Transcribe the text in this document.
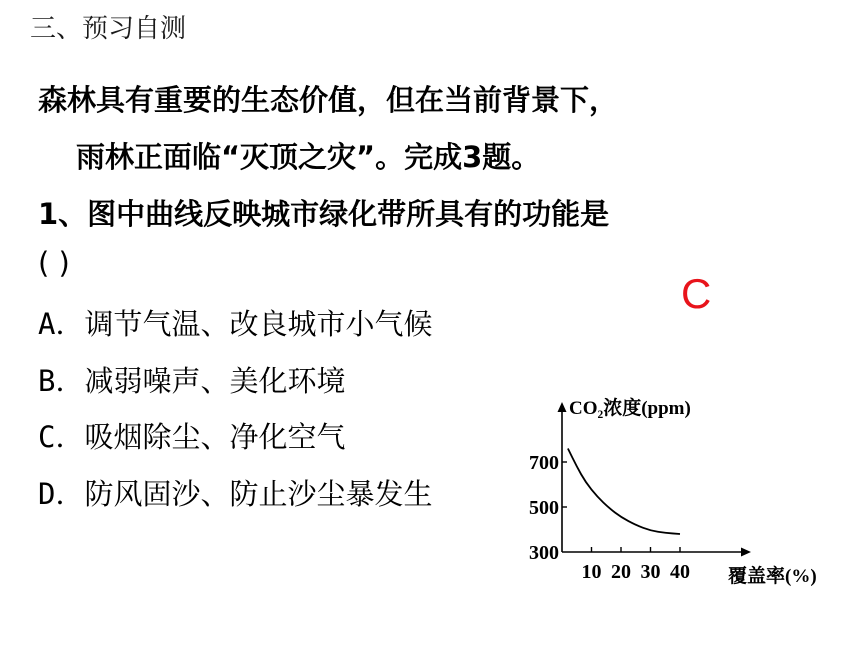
三、预习自测
森林具有重要的生态价值，但在当前背景下，
雨林正面临“灭顶之灾”。完成3题。
1、图中曲线反映城市绿化带所具有的功能是
( )
A．调节气温、改良城市小气候
B．减弱噪声、美化环境
C．吸烟除尘、净化空气
D．防风固沙、防止沙尘暴发生
C
10 20 30 40
300
500
700
CO₂浓度(ppm)
覆盖率(%)
